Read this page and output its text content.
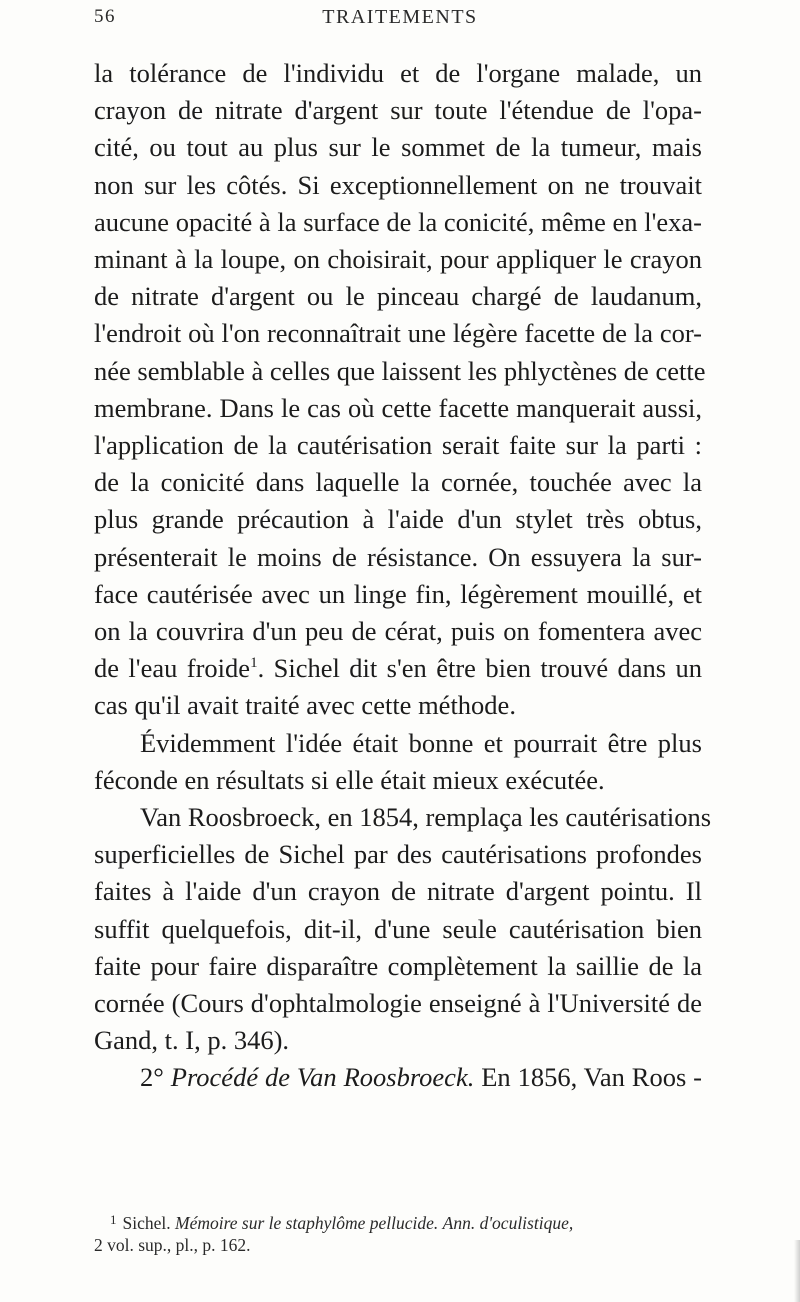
56	TRAITEMENTS
la tolérance de l'individu et de l'organe malade, un
crayon de nitrate d'argent sur toute l'étendue de l'opa-
cité, ou tout au plus sur le sommet de la tumeur, mais
non sur les côtés. Si exceptionnellement on ne trouvait
aucune opacité à la surface de la conicité, même en l'exa-
minant à la loupe, on choisirait, pour appliquer le crayon
de nitrate d'argent ou le pinceau chargé de laudanum,
l'endroit où l'on reconnaîtrait une légère facette de la cor-
née semblable à celles que laissent les phlyctènes de cette
membrane. Dans le cas où cette facette manquerait aussi,
l'application de la cautérisation serait faite sur la parti :
de la conicité dans laquelle la cornée, touchée avec la
plus grande précaution à l'aide d'un stylet très obtus,
présenterait le moins de résistance. On essuyera la sur-
face cautérisée avec un linge fin, légèrement mouillé, et
on la couvrira d'un peu de cérat, puis on fomentera avec
de l'eau froide$^1$. Sichel dit s'en être bien trouvé dans un
cas qu'il avait traité avec cette méthode.
Évidemment l'idée était bonne et pourrait être plus
féconde en résultats si elle était mieux exécutée.
Van Roosbroeck, en 1854, remplaça les cautérisations
superficielles de Sichel par des cautérisations profondes
faites à l'aide d'un crayon de nitrate d'argent pointu. Il
suffit quelquefois, dit-il, d'une seule cautérisation bien
faite pour faire disparaître complètement la saillie de la
cornée (Cours d'ophtalmologie enseigné à l'Université de
Gand, t. I, p. 346).
2° Procédé de Van Roosbroeck. En 1856, Van Roos -
$^1$ Sichel. Mémoire sur le staphylôme pellucide. Ann. d'oculistique,
2 vol. sup., pl., p. 162.
